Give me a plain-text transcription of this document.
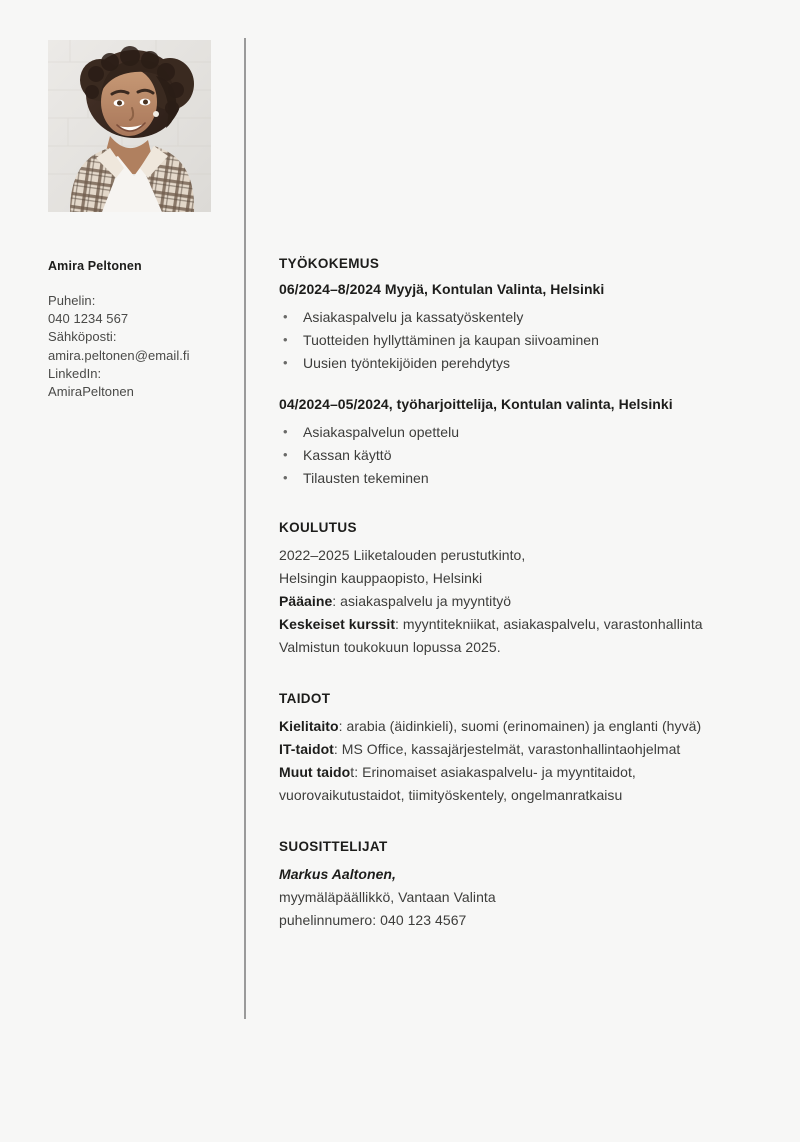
Amira Peltonen
Puhelin:
040 1234 567
Sähköposti:
amira.peltonen@email.fi
LinkedIn:
AmiraPeltonen
TYÖKOKEMUS
06/2024–8/2024 Myyjä, Kontulan Valinta, Helsinki
• Asiakaspalvelu ja kassatyöskentely
• Tuotteiden hyllyttäminen ja kaupan siivoaminen
• Uusien työntekijöiden perehdytys
04/2024–05/2024, työharjoittelija, Kontulan valinta, Helsinki
• Asiakaspalvelun opettelu
• Kassan käyttö
• Tilausten tekeminen
KOULUTUS
2022–2025 Liiketalouden perustutkinto,
Helsingin kauppaopisto, Helsinki
Pääaine: asiakaspalvelu ja myyntityö
Keskeiset kurssit: myyntitekniikat, asiakaspalvelu, varastonhallinta
Valmistun toukokuun lopussa 2025.
TAIDOT
Kielitaito: arabia (äidinkieli), suomi (erinomainen) ja englanti (hyvä)
IT-taidot: MS Office, kassajärjestelmät, varastonhallintaohjelmat
Muut taidot: Erinomaiset asiakaspalvelu- ja myyntitaidot, vuorovaikutustaidot, tiimityöskentely, ongelmanratkaisu
SUOSITTELIJAT
Markus Aaltonen,
myymäläpäällikkö, Vantaan Valinta
puhelinnumero: 040 123 4567
